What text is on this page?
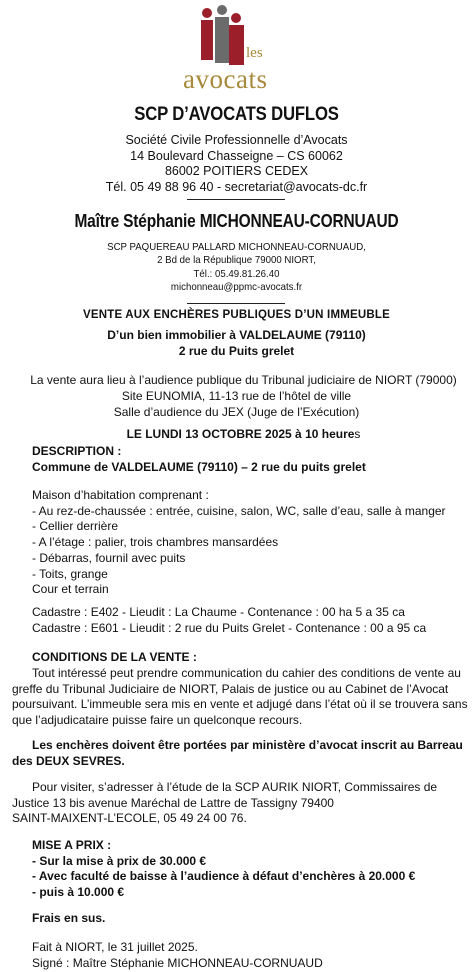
les
avocats
SCP D’AVOCATS DUFLOS
Société Civile Professionnelle d’Avocats
14 Boulevard Chasseigne – CS 60062
86002 POITIERS CEDEX
Tél. 05 49 88 96 40 - secretariat@avocats-dc.fr
Maître Stéphanie MICHONNEAU-CORNUAUD
SCP PAQUEREAU PALLARD MICHONNEAU-CORNUAUD,
2 Bd de la République 79000 NIORT,
Tél.: 05.49.81.26.40
michonneau@ppmc-avocats.fr
VENTE AUX ENCHÈRES PUBLIQUES D’UN IMMEUBLE
D’un bien immobilier à VALDELAUME (79110)
2 rue du Puits grelet
La vente aura lieu à l’audience publique du Tribunal judiciaire de NIORT (79000)
Site EUNOMIA, 11-13 rue de l’hôtel de ville
Salle d’audience du JEX (Juge de l’Exécution)
LE LUNDI 13 OCTOBRE 2025 à 10 heures
DESCRIPTION :
Commune de VALDELAUME (79110) – 2 rue du puits grelet
Maison d’habitation comprenant :
- Au rez-de-chaussée : entrée, cuisine, salon, WC, salle d’eau, salle à manger
- Cellier derrière
- A l’étage : palier, trois chambres mansardées
- Débarras, fournil avec puits
- Toits, grange
Cour et terrain
Cadastre : E402 - Lieudit : La Chaume - Contenance : 00 ha 5 a 35 ca
Cadastre : E601 - Lieudit : 2 rue du Puits Grelet - Contenance : 00 a 95 ca
CONDITIONS DE LA VENTE :
Tout intéressé peut prendre communication du cahier des conditions de vente au
greffe du Tribunal Judiciaire de NIORT, Palais de justice ou au Cabinet de l’Avocat
poursuivant. L’immeuble sera mis en vente et adjugé dans l’état où il se trouvera sans
que l’adjudicataire puisse faire un quelconque recours.
Les enchères doivent être portées par ministère d’avocat inscrit au Barreau
des DEUX SEVRES.
Pour visiter, s’adresser à l’étude de la SCP AURIK NIORT, Commissaires de
Justice 13 bis avenue Maréchal de Lattre de Tassigny 79400
SAINT-MAIXENT-L’ECOLE, 05 49 24 00 76.
MISE A PRIX :
- Sur la mise à prix de 30.000 €
- Avec faculté de baisse à l’audience à défaut d’enchères à 20.000 €
- puis à 10.000 €
Frais en sus.
Fait à NIORT, le 31 juillet 2025.
Signé : Maître Stéphanie MICHONNEAU-CORNUAUD
